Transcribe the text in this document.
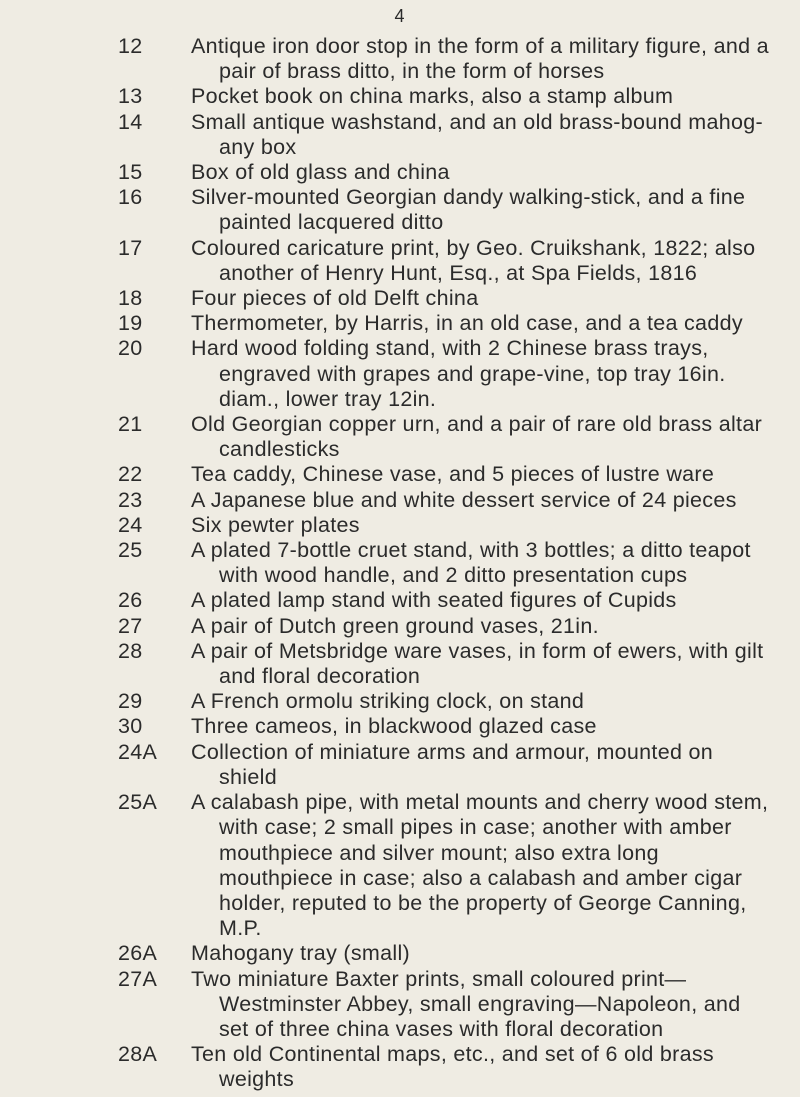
4
12	Antique iron door stop in the form of a military figure, and a pair of brass ditto, in the form of horses
13	Pocket book on china marks, also a stamp album
14	Small antique washstand, and an old brass-bound mahog-any box
15	Box of old glass and china
16	Silver-mounted Georgian dandy walking-stick, and a fine painted lacquered ditto
17	Coloured caricature print, by Geo. Cruikshank, 1822; also another of Henry Hunt, Esq., at Spa Fields, 1816
18	Four pieces of old Delft china
19	Thermometer, by Harris, in an old case, and a tea caddy
20	Hard wood folding stand, with 2 Chinese brass trays, engraved with grapes and grape-vine, top tray 16in. diam., lower tray 12in.
21	Old Georgian copper urn, and a pair of rare old brass altar candlesticks
22	Tea caddy, Chinese vase, and 5 pieces of lustre ware
23	A Japanese blue and white dessert service of 24 pieces
24	Six pewter plates
25	A plated 7-bottle cruet stand, with 3 bottles; a ditto teapot with wood handle, and 2 ditto presentation cups
26	A plated lamp stand with seated figures of Cupids
27	A pair of Dutch green ground vases, 21in.
28	A pair of Metsbridge ware vases, in form of ewers, with gilt and floral decoration
29	A French ormolu striking clock, on stand
30	Three cameos, in blackwood glazed case
24A	Collection of miniature arms and armour, mounted on shield
25A	A calabash pipe, with metal mounts and cherry wood stem, with case; 2 small pipes in case; another with amber mouthpiece and silver mount; also extra long mouthpiece in case; also a calabash and amber cigar holder, reputed to be the property of George Canning, M.P.
26A	Mahogany tray (small)
27A	Two miniature Baxter prints, small coloured print—Westminster Abbey, small engraving—Napoleon, and set of three china vases with floral decoration
28A	Ten old Continental maps, etc., and set of 6 old brass weights
